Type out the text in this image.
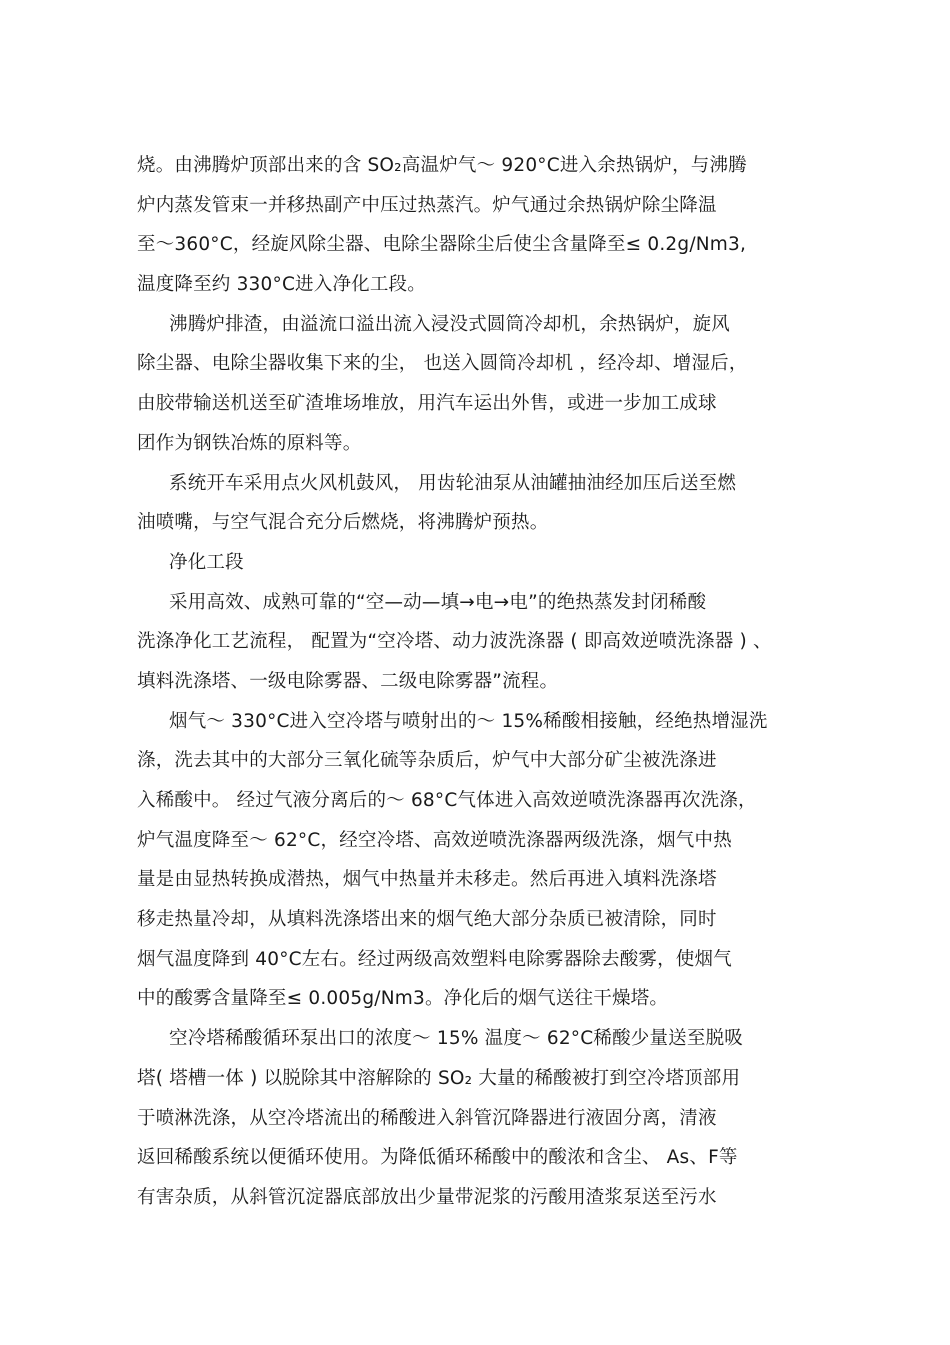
烧。由沸腾炉顶部出来的含 SO₂高温炉气～ 920°C进入余热锅炉，与沸腾
炉内蒸发管束一并移热副产中压过热蒸汽。炉气通过余热锅炉除尘降温
至～360°C，经旋风除尘器、电除尘器除尘后使尘含量降至≤ 0.2g/Nm3,
温度降至约 330°C进入净化工段。
沸腾炉排渣，由溢流口溢出流入浸没式圆筒冷却机，余热锅炉，旋风
除尘器、电除尘器收集下来的尘， 也送入圆筒冷却机 ，经冷却、增湿后，
由胶带输送机送至矿渣堆场堆放，用汽车运出外售，或进一步加工成球
团作为钢铁冶炼的原料等。
系统开车采用点火风机鼓风， 用齿轮油泵从油罐抽油经加压后送至燃
油喷嘴，与空气混合充分后燃烧，将沸腾炉预热。
净化工段
采用高效、成熟可靠的“空—动—填→电→电”的绝热蒸发封闭稀酸
洗涤净化工艺流程， 配置为“空冷塔、动力波洗涤器 ( 即高效逆喷洗涤器 ) 、
填料洗涤塔、一级电除雾器、二级电除雾器”流程。
烟气～ 330°C进入空冷塔与喷射出的～ 15%稀酸相接触，经绝热增湿洗
涤，洗去其中的大部分三氧化硫等杂质后，炉气中大部分矿尘被洗涤进
入稀酸中。 经过气液分离后的～ 68°C气体进入高效逆喷洗涤器再次洗涤，
炉气温度降至～ 62°C，经空冷塔、高效逆喷洗涤器两级洗涤，烟气中热
量是由显热转换成潜热，烟气中热量并未移走。然后再进入填料洗涤塔
移走热量冷却，从填料洗涤塔出来的烟气绝大部分杂质已被清除，同时
烟气温度降到 40°C左右。经过两级高效塑料电除雾器除去酸雾，使烟气
中的酸雾含量降至≤ 0.005g/Nm3。净化后的烟气送往干燥塔。
空冷塔稀酸循环泵出口的浓度～ 15% 温度～ 62°C稀酸少量送至脱吸
塔( 塔槽一体 ) 以脱除其中溶解除的 SO₂ 大量的稀酸被打到空冷塔顶部用
于喷淋洗涤，从空冷塔流出的稀酸进入斜管沉降器进行液固分离，清液
返回稀酸系统以便循环使用。为降低循环稀酸中的酸浓和含尘、 As、F等
有害杂质，从斜管沉淀器底部放出少量带泥浆的污酸用渣浆泵送至污水
